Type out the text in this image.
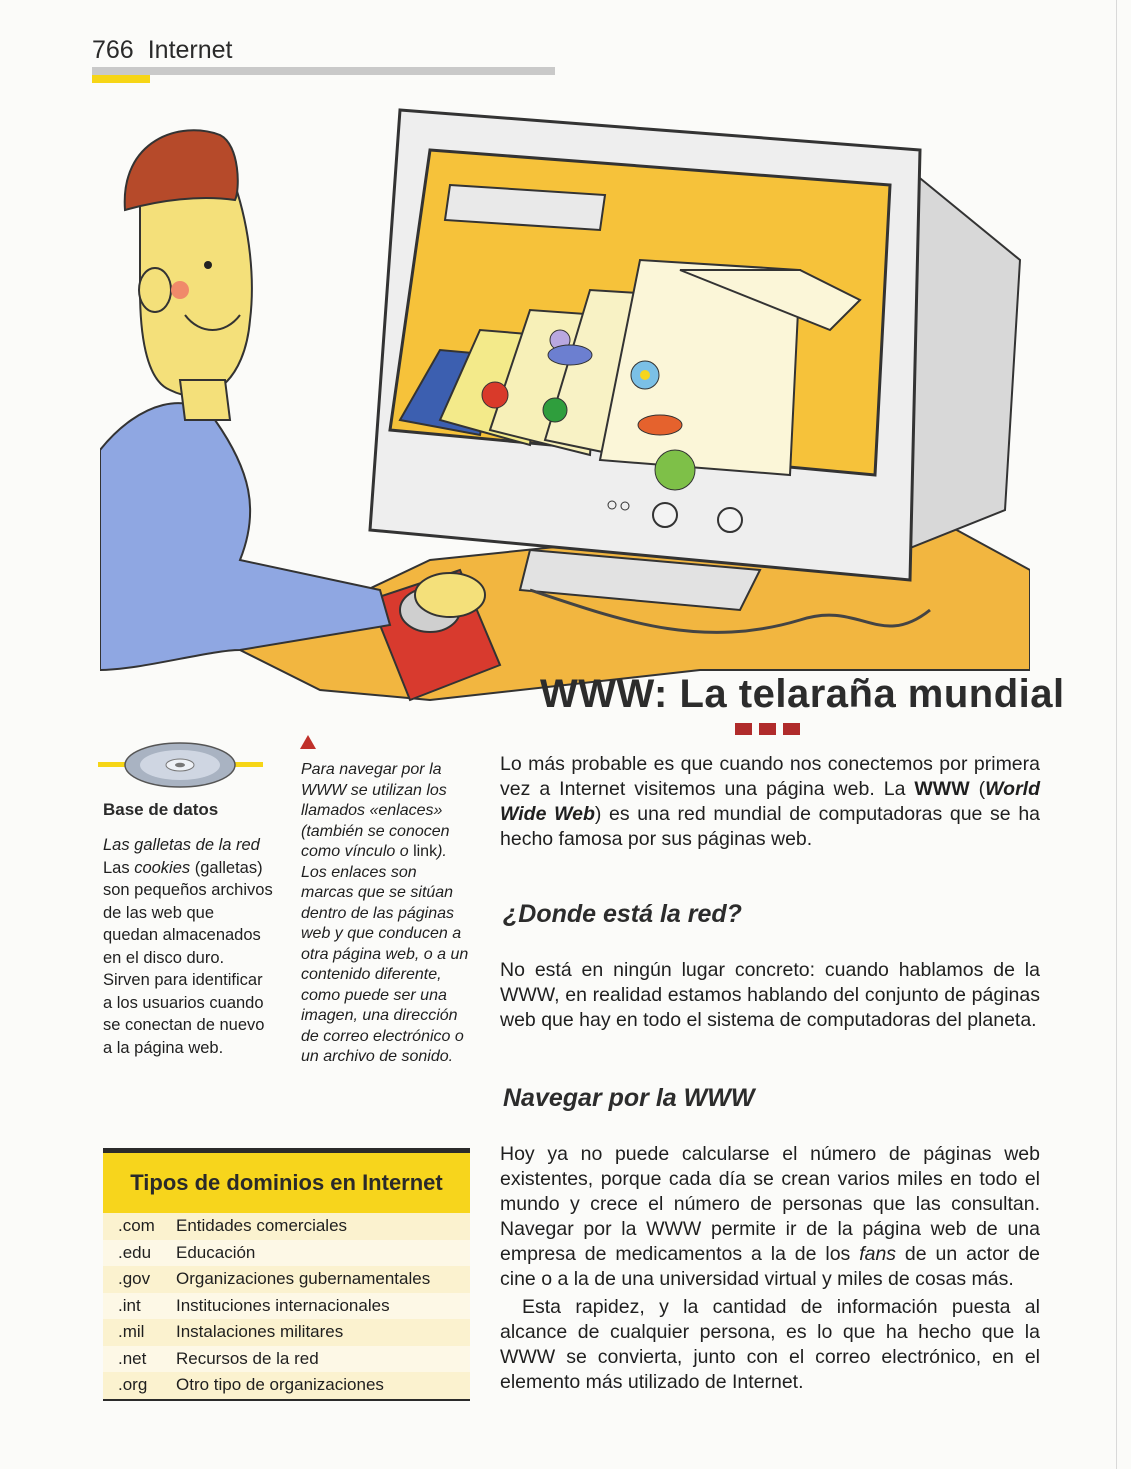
766 Internet
WWW: La telaraña mundial

Lo más probable es que cuando nos conectemos por primera vez a Internet visitemos una página web. La WWW (World Wide Web) es una red mundial de computadoras que se ha hecho famosa por sus páginas web.

¿Donde está la red?

No está en ningún lugar concreto: cuando hablamos de la WWW, en realidad estamos hablando del conjunto de páginas web que hay en todo el sistema de computadoras del planeta.

Navegar por la WWW

Hoy ya no puede calcularse el número de páginas web existentes, porque cada día se crean varios miles en todo el mundo y crece el número de personas que las consultan. Navegar por la WWW permite ir de la página web de una empresa de medicamentos a la de los fans de un actor de cine o a la de una universidad virtual y miles de cosas más.

Esta rapidez, y la cantidad de información puesta al alcance de cualquier persona, es lo que ha hecho que la WWW se convierta, junto con el correo electrónico, en el elemento más utilizado de Internet.

Base de datos
Las galletas de la red
Las cookies (galletas) son pequeños archivos de las web que quedan almacenados en el disco duro. Sirven para identificar a los usuarios cuando se conectan de nuevo a la página web.
Para navegar por la WWW se utilizan los llamados «enlaces» (también se conocen como vínculo o link). Los enlaces son marcas que se sitúan dentro de las páginas web y que conducen a otra página web, o a un contenido diferente, como puede ser una imagen, una dirección de correo electrónico o un archivo de sonido.
Tipos de dominios en Internet
.com	Entidades comerciales
.edu	Educación
.gov	Organizaciones gubernamentales
.int	Instituciones internacionales
.mil	Instalaciones militares
.net	Recursos de la red
.org	Otro tipo de organizaciones
